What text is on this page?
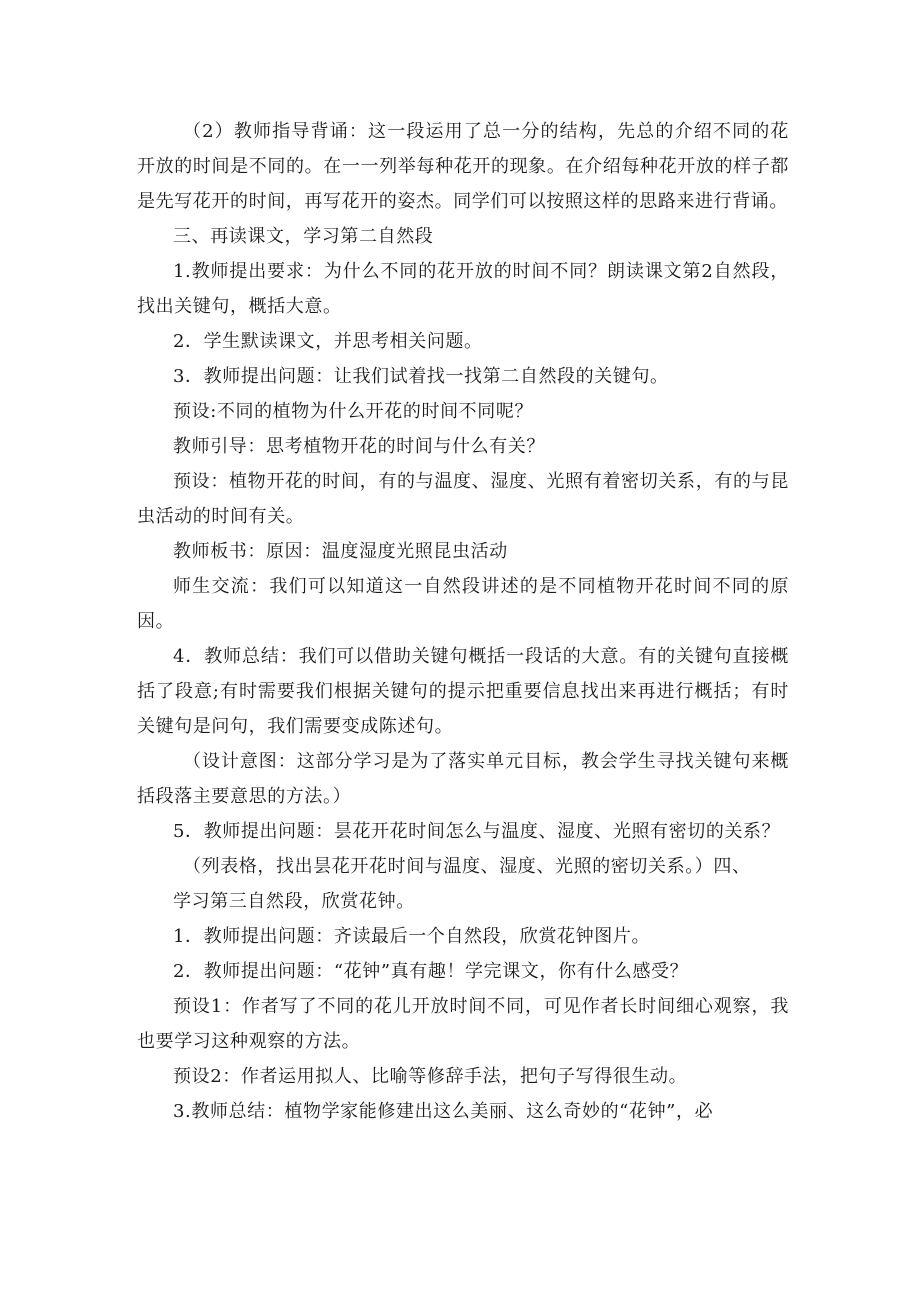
（2）教师指导背诵：这一段运用了总一分的结构，先总的介绍不同的花开放的时间是不同的。在一一列举每种花开的现象。在介绍每种花开放的样子都是先写花开的时间，再写花开的姿杰。同学们可以按照这样的思路来进行背诵。

三、再读课文，学习第二自然段

1.教师提出要求：为什么不同的花开放的时间不同？朗读课文第2自然段，找出关键句，概括大意。

2．学生默读课文，并思考相关问题。

3．教师提出问题：让我们试着找一找第二自然段的关键句。

预设:不同的植物为什么开花的时间不同呢？

教师引导：思考植物开花的时间与什么有关？

预设：植物开花的时间，有的与温度、湿度、光照有着密切关系，有的与昆虫活动的时间有关。

教师板书：原因：温度湿度光照昆虫活动

师生交流：我们可以知道这一自然段讲述的是不同植物开花时间不同的原因。

4．教师总结：我们可以借助关键句概括一段话的大意。有的关键句直接概括了段意;有时需要我们根据关键句的提示把重要信息找出来再进行概括；有时关键句是问句，我们需要变成陈述句。

（设计意图：这部分学习是为了落实单元目标，教会学生寻找关键句来概括段落主要意思的方法。）

5．教师提出问题：昙花开花时间怎么与温度、湿度、光照有密切的关系？

（列表格，找出昙花开花时间与温度、湿度、光照的密切关系。）四、

学习第三自然段，欣赏花钟。

1．教师提出问题：齐读最后一个自然段，欣赏花钟图片。

2．教师提出问题：“花钟”真有趣！学完课文，你有什么感受？

预设1：作者写了不同的花儿开放时间不同，可见作者长时间细心观察，我也要学习这种观察的方法。

预设2：作者运用拟人、比喻等修辞手法，把句子写得很生动。

3.教师总结：植物学家能修建出这么美丽、这么奇妙的“花钟”，必
